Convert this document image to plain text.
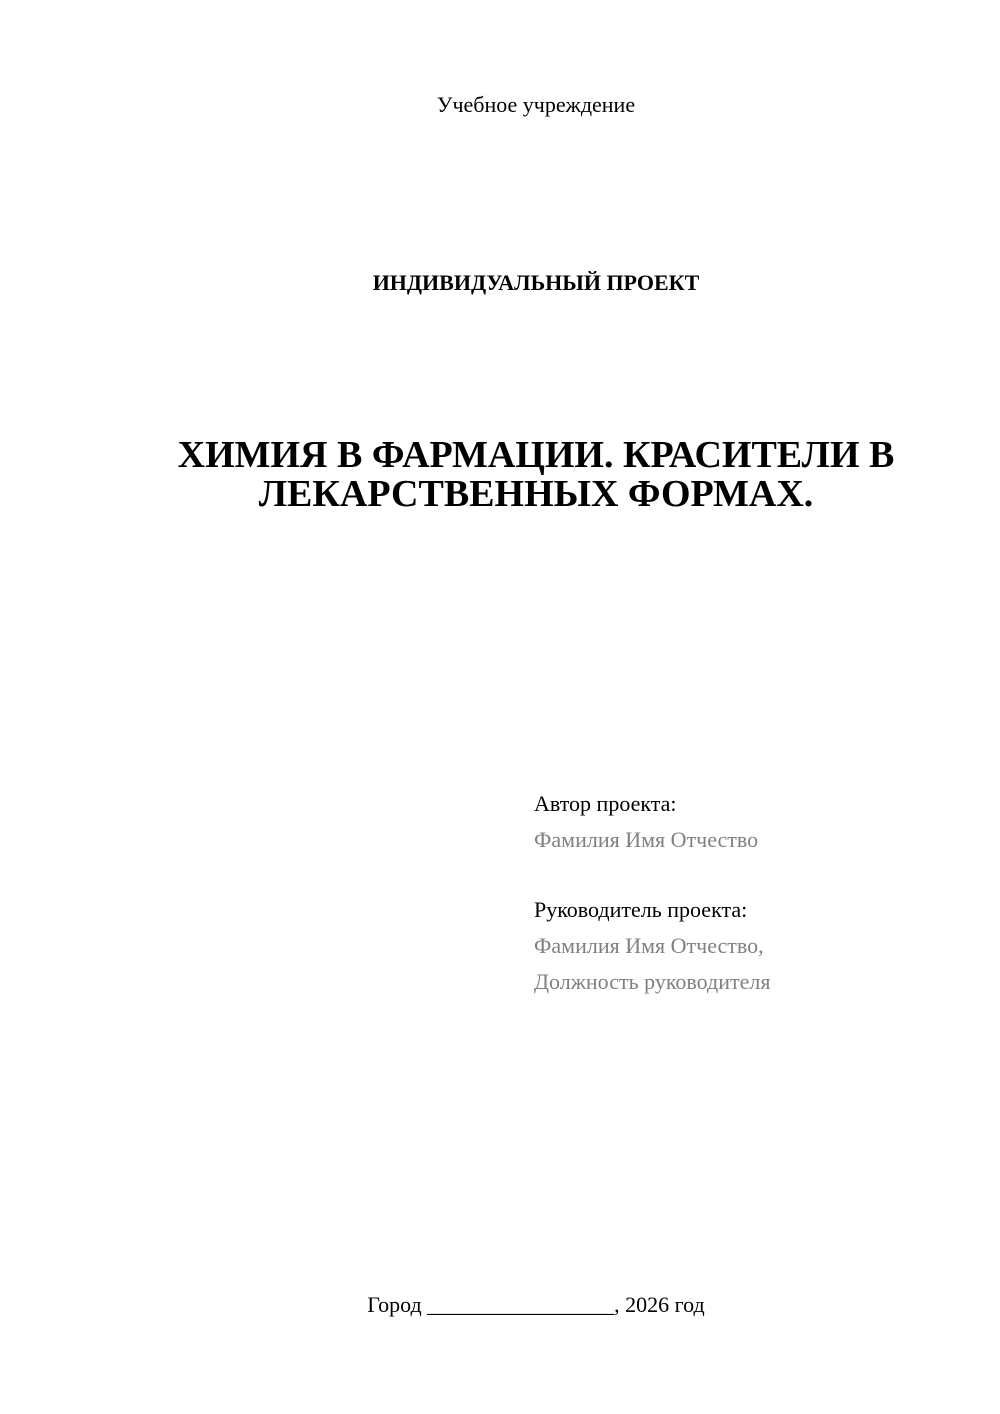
Учебное учреждение
ИНДИВИДУАЛЬНЫЙ ПРОЕКТ
ХИМИЯ В ФАРМАЦИИ. КРАСИТЕЛИ В
ЛЕКАРСТВЕННЫХ ФОРМАХ.
Автор проекта:
Фамилия Имя Отчество
Руководитель проекта:
Фамилия Имя Отчество,
Должность руководителя
Город _________________, 2026 год
